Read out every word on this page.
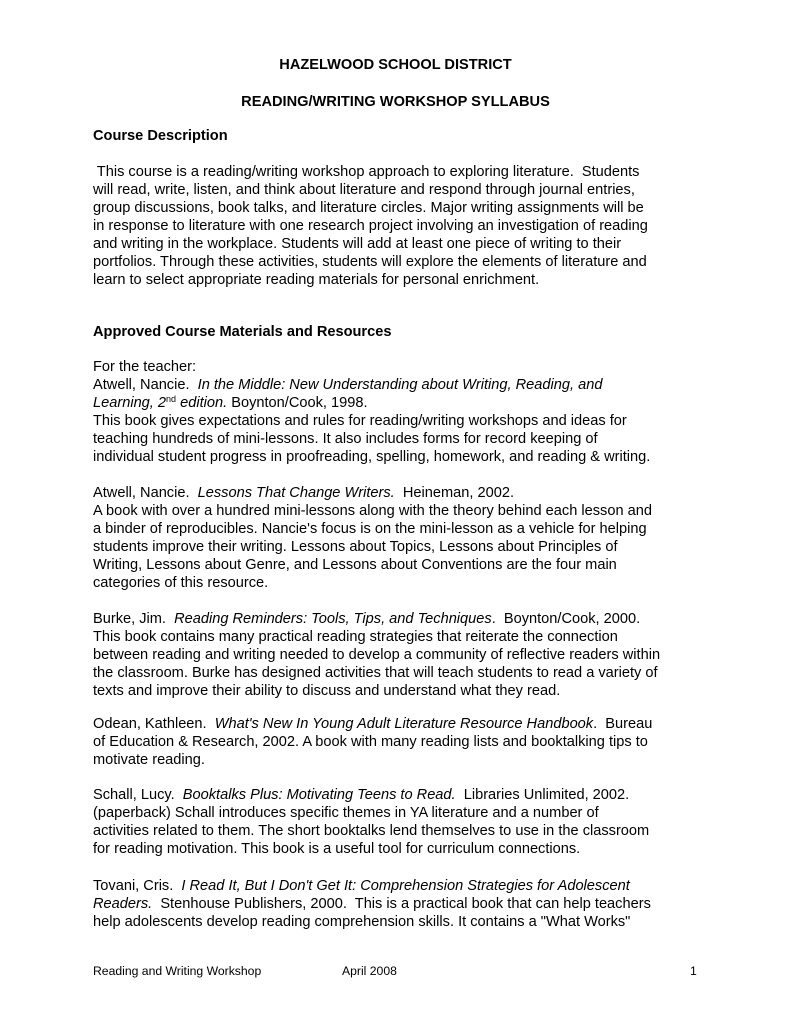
HAZELWOOD SCHOOL DISTRICT
READING/WRITING WORKSHOP SYLLABUS
Course Description
This course is a reading/writing workshop approach to exploring literature.  Students
will read, write, listen, and think about literature and respond through journal entries,
group discussions, book talks, and literature circles. Major writing assignments will be
in response to literature with one research project involving an investigation of reading
and writing in the workplace. Students will add at least one piece of writing to their
portfolios. Through these activities, students will explore the elements of literature and
learn to select appropriate reading materials for personal enrichment.
Approved Course Materials and Resources
For the teacher:
Atwell, Nancie.  In the Middle: New Understanding about Writing, Reading, and
Learning, 2nd edition. Boynton/Cook, 1998.
This book gives expectations and rules for reading/writing workshops and ideas for
teaching hundreds of mini-lessons. It also includes forms for record keeping of
individual student progress in proofreading, spelling, homework, and reading & writing.
Atwell, Nancie.  Lessons That Change Writers.  Heineman, 2002.
A book with over a hundred mini-lessons along with the theory behind each lesson and
a binder of reproducibles. Nancie's focus is on the mini-lesson as a vehicle for helping
students improve their writing. Lessons about Topics, Lessons about Principles of
Writing, Lessons about Genre, and Lessons about Conventions are the four main
categories of this resource.
Burke, Jim.  Reading Reminders: Tools, Tips, and Techniques.  Boynton/Cook, 2000.
This book contains many practical reading strategies that reiterate the connection
between reading and writing needed to develop a community of reflective readers within
the classroom. Burke has designed activities that will teach students to read a variety of
texts and improve their ability to discuss and understand what they read.
Odean, Kathleen.  What's New In Young Adult Literature Resource Handbook.  Bureau
of Education & Research, 2002. A book with many reading lists and booktalking tips to
motivate reading.
Schall, Lucy.  Booktalks Plus: Motivating Teens to Read.  Libraries Unlimited, 2002.
(paperback) Schall introduces specific themes in YA literature and a number of
activities related to them. The short booktalks lend themselves to use in the classroom
for reading motivation. This book is a useful tool for curriculum connections.
Tovani, Cris.  I Read It, But I Don't Get It: Comprehension Strategies for Adolescent
Readers.  Stenhouse Publishers, 2000.  This is a practical book that can help teachers
help adolescents develop reading comprehension skills. It contains a "What Works"
Reading and Writing Workshop	April 2008	1
